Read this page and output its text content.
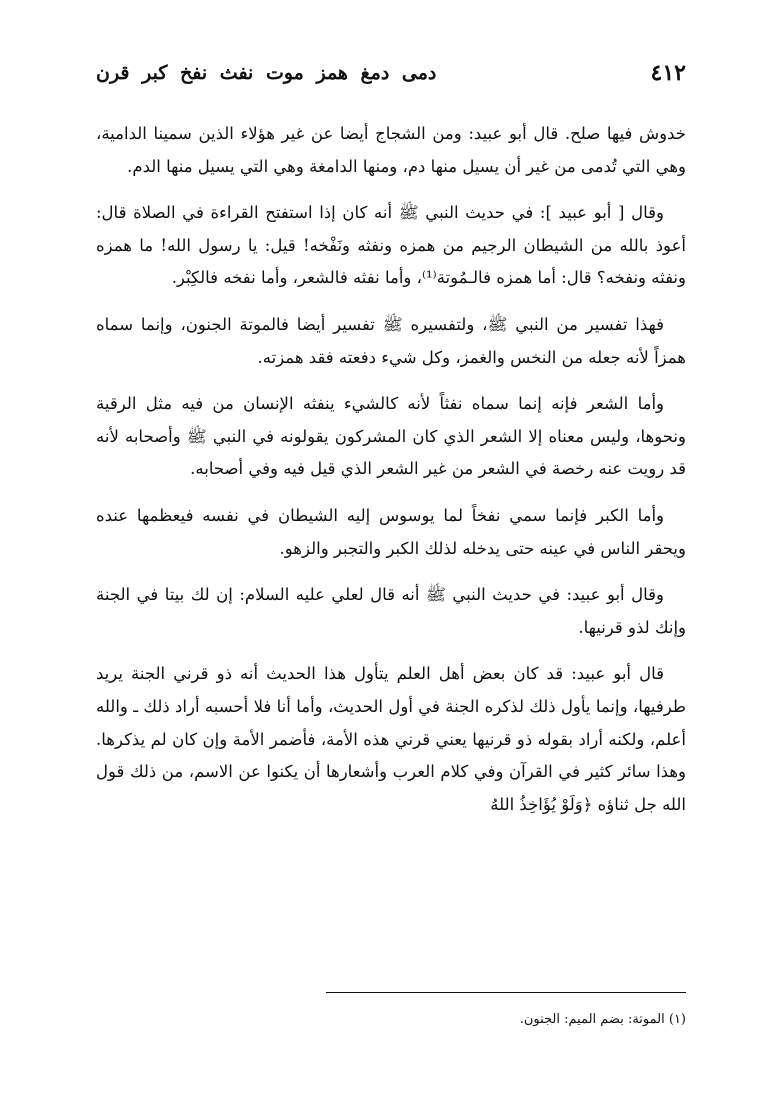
٤١٢
دمى دمغ همز موت نفث نفخ كبر قرن

خدوش فيها صلح. قال أبو عبيد: ومن الشجاج أيضا عن غير هؤلاء الذين سمينا الدامية، وهي التي تُدمى من غير أن يسيل منها دم، ومنها الدامغة وهي التي يسيل منها الدم.

وقال [ أبو عبيد ]: في حديث النبي ﷺ أنه كان إذا استفتح القراءة في الصلاة قال: أعوذ بالله من الشيطان الرجيم من همزه ونفثه ونَفْخه! قيل: يا رسول الله! ما همزه ونفثه ونفخه؟ قال: أما همزه فالـمُوتة⁽¹⁾، وأما نفثه فالشعر، وأما نفخه فالكِبْر.

فهذا تفسير من النبي ﷺ، ولتفسيره ﷺ تفسير أيضا فالموتة الجنون، وإنما سماه همزاً لأنه جعله من النخس والغمز، وكل شيء دفعته فقد همزته.

وأما الشعر فإنه إنما سماه نفثاً لأنه كالشيء ينفثه الإنسان من فيه مثل الرقية ونحوها، وليس معناه إلا الشعر الذي كان المشركون يقولونه في النبي ﷺ وأصحابه لأنه قد رويت عنه رخصة في الشعر من غير الشعر الذي قيل فيه وفي أصحابه.

وأما الكبر فإنما سمي نفخاً لما يوسوس إليه الشيطان في نفسه فيعظمها عنده ويحقر الناس في عينه حتى يدخله لذلك الكبر والتجبر والزهو.

وقال أبو عبيد: في حديث النبي ﷺ أنه قال لعلي عليه السلام: إن لك بيتا في الجنة وإنك لذو قرنيها.

قال أبو عبيد: قد كان بعض أهل العلم يتأول هذا الحديث أنه ذو قرني الجنة يريد طرفيها، وإنما يأول ذلك لذكره الجنة في أول الحديث، وأما أنا فلا أحسبه أراد ذلك ـ والله أعلم، ولكنه أراد بقوله ذو قرنيها يعني قرني هذه الأمة، فأضمر الأمة وإن كان لم يذكرها. وهذا سائر كثير في القرآن وفي كلام العرب وأشعارها أن يكنوا عن الاسم، من ذلك قول الله جل ثناؤه ﴿وَلَوْ يُؤَاخِذُ اللهُ

(١) الموتة: بضم الميم: الجنون.
